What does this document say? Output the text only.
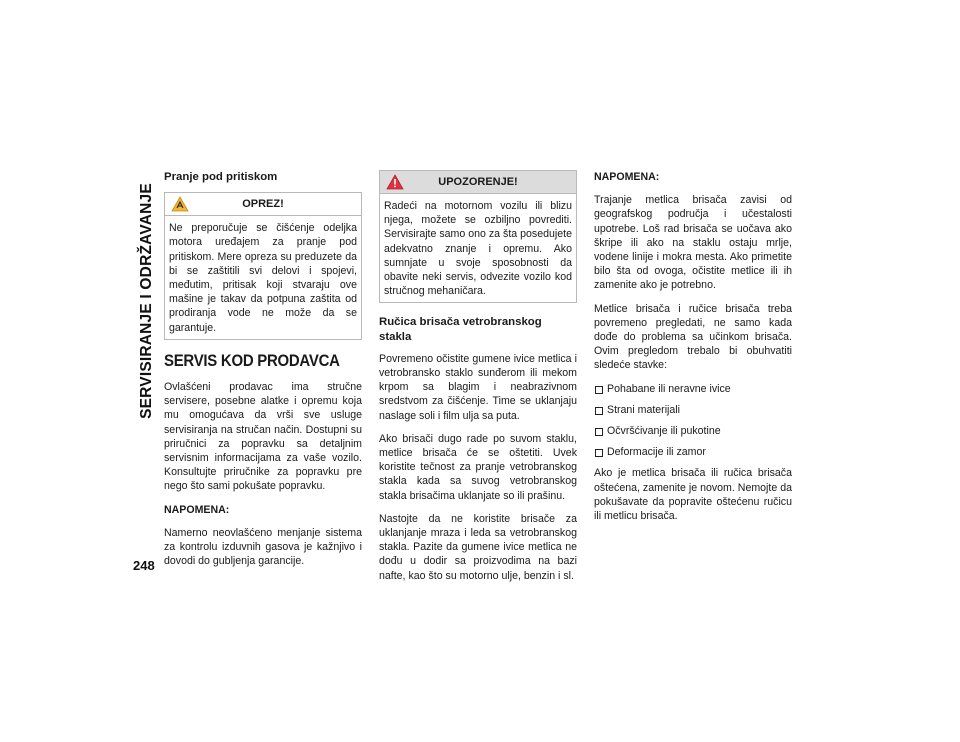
SERVISIRANJE I ODRŽAVANJE
Pranje pod pritiskom
OPREZ!
Ne preporučuje se čišćenje odeljka motora uređajem za pranje pod pritiskom. Mere opreza su preduzete da bi se zaštitili svi delovi i spojevi, međutim, pritisak koji stvaraju ove mašine je takav da potpuna zaštita od prodiranja vode ne može da se garantuje.
SERVIS KOD PRODAVCA

Ovlašćeni prodavac ima stručne servisere, posebne alatke i opremu koja mu omogućava da vrši sve usluge servisiranja na stručan način. Dostupni su priručnici za popravku sa detaljnim servisnim informacijama za vaše vozilo. Konsultujte priručnike za popravku pre nego što sami pokušate popravku.

NAPOMENA:

Namerno neovlašćeno menjanje sistema za kontrolu izduvnih gasova je kažnjivo i dovodi do gubljenja garancije.

UPOZORENJE!
Radeći na motornom vozilu ili blizu njega, možete se ozbiljno povrediti. Servisirajte samo ono za šta posedujete adekvatno znanje i opremu. Ako sumnjate u svoje sposobnosti da obavite neki servis, odvezite vozilo kod stručnog mehaničara.
Ručica brisača vetrobranskog stakla

Povremeno očistite gumene ivice metlica i vetrobransko staklo sunđerom ili mekom krpom sa blagim i neabrazivnom sredstvom za čišćenje. Time se uklanjaju naslage soli i film ulja sa puta.

Ako brisači dugo rade po suvom staklu, metlice brisača će se oštetiti. Uvek koristite tečnost za pranje vetrobranskog stakla kada sa suvog vetrobranskog stakla brisačima uklanjate so ili prašinu.

Nastojte da ne koristite brisače za uklanjanje mraza i leda sa vetrobranskog stakla. Pazite da gumene ivice metlica ne dođu u dodir sa proizvodima na bazi nafte, kao što su motorno ulje, benzin i sl.

NAPOMENA:

Trajanje metlica brisača zavisi od geografskog područja i učestalosti upotrebe. Loš rad brisača se uočava ako škripe ili ako na staklu ostaju mrlje, vodene linije i mokra mesta. Ako primetite bilo šta od ovoga, očistite metlice ili ih zamenite ako je potrebno.

Metlice brisača i ručice brisača treba povremeno pregledati, ne samo kada dođe do problema sa učinkom brisača. Ovim pregledom trebalo bi obuhvatiti sledeće stavke:

Pohabane ili neravne ivice
Strani materijali
Očvršćivanje ili pukotine
Deformacije ili zamor

Ako je metlica brisača ili ručica brisača oštećena, zamenite je novom. Nemojte da pokušavate da popravite oštećenu ručicu ili metlicu brisača.

248
